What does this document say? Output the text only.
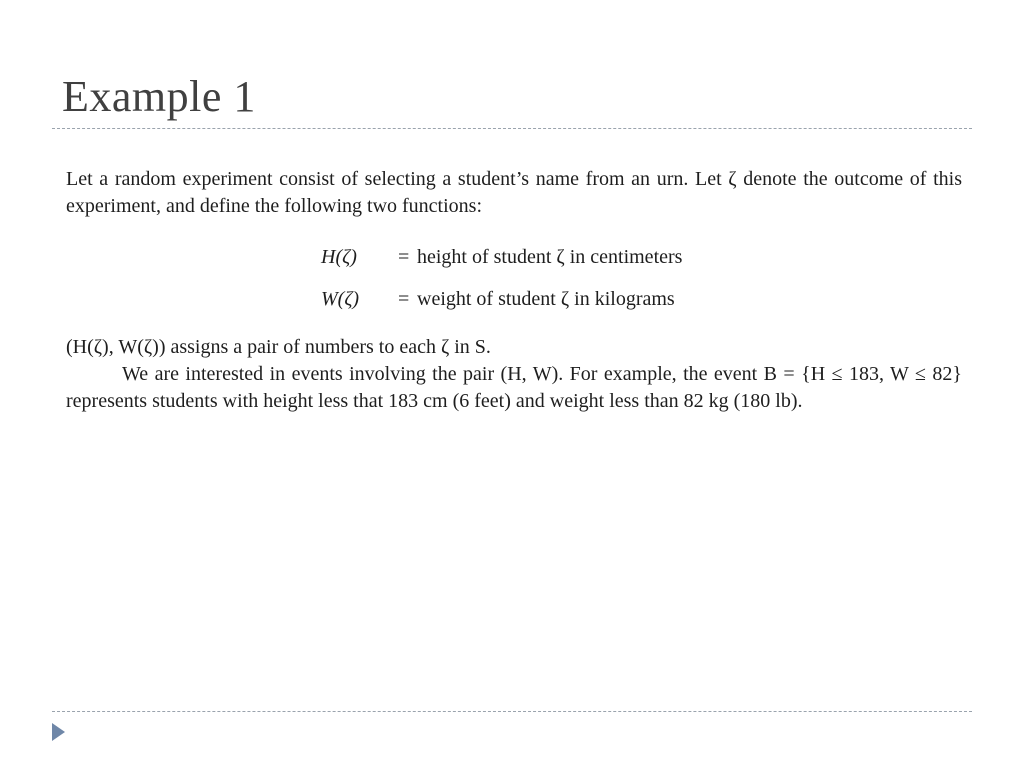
Example 1

Let a random experiment consist of selecting a student’s name from an urn. Let ζ denote the outcome of this experiment, and define the following two functions:

H(ζ) = height of student ζ in centimeters
W(ζ) = weight of student ζ in kilograms

(H(ζ), W(ζ)) assigns a pair of numbers to each ζ in S.

We are interested in events involving the pair (H, W). For example, the event B = {H ≤ 183, W ≤ 82} represents students with height less that 183 cm (6 feet) and weight less than 82 kg (180 lb).
